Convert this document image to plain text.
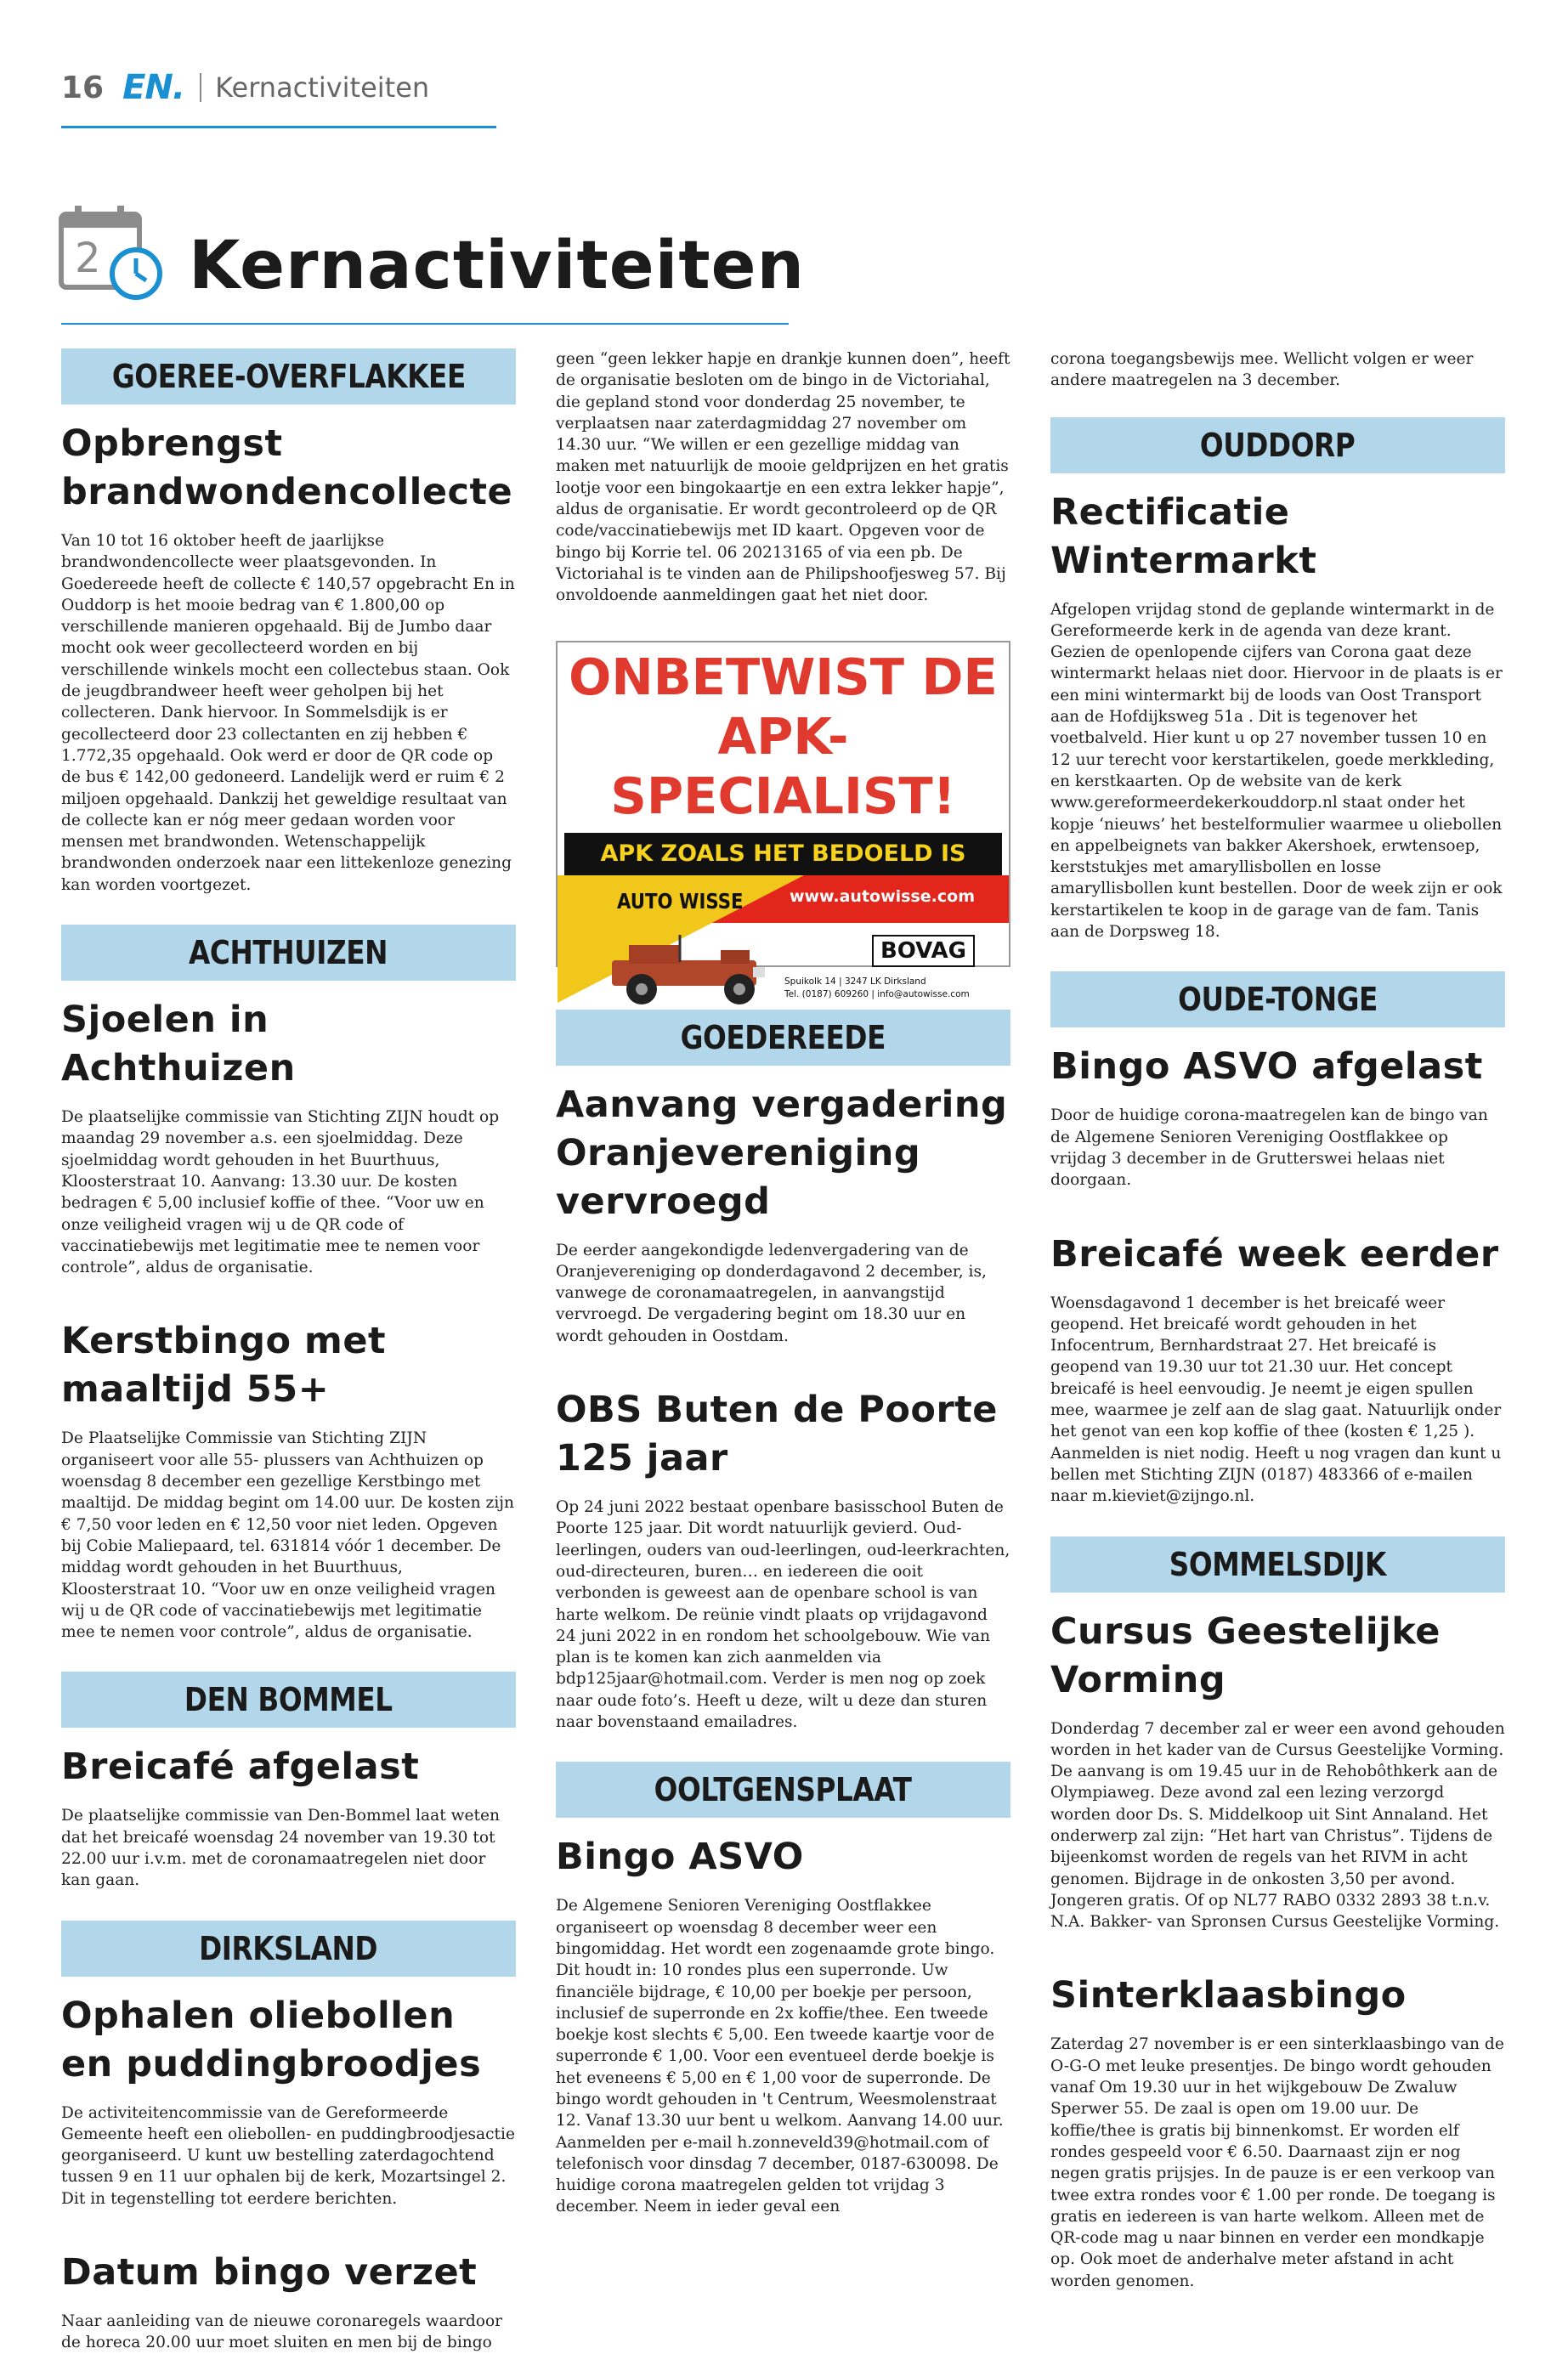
16 EN. Kernactiviteiten
2 Kernactiviteiten
GOEREE-OVERFLAKKEE
Opbrengst brandwondencollecte

Van 10 tot 16 oktober heeft de jaarlijkse brandwondencollecte weer plaatsgevonden. In Goedereede heeft de collecte € 140,57 opgebracht En in Ouddorp is het mooie bedrag van € 1.800,00 op verschillende manieren opgehaald. Bij de Jumbo daar mocht ook weer gecollecteerd worden en bij verschillende winkels mocht een collectebus staan. Ook de jeugdbrandweer heeft weer geholpen bij het collecteren. Dank hiervoor. In Sommelsdijk is er gecollecteerd door 23 collectanten en zij hebben € 1.772,35 opgehaald. Ook werd er door de QR code op de bus € 142,00 gedoneerd. Landelijk werd er ruim € 2 miljoen opgehaald. Dankzij het geweldige resultaat van de collecte kan er nóg meer gedaan worden voor mensen met brandwonden. Wetenschappelijk brandwonden onderzoek naar een littekenloze genezing kan worden voortgezet.

ACHTHUIZEN
Sjoelen in Achthuizen

De plaatselijke commissie van Stichting ZIJN houdt op maandag 29 november a.s. een sjoelmiddag. Deze sjoelmiddag wordt gehouden in het Buurthuus, Kloosterstraat 10. Aanvang: 13.30 uur. De kosten bedragen € 5,00 inclusief koffie of thee. “Voor uw en onze veiligheid vragen wij u de QR code of vaccinatiebewijs met legitimatie mee te nemen voor controle”, aldus de organisatie.

Kerstbingo met maaltijd 55+

De Plaatselijke Commissie van Stichting ZIJN organiseert voor alle 55- plussers van Achthuizen op woensdag 8 december een gezellige Kerstbingo met maaltijd. De middag begint om 14.00 uur. De kosten zijn € 7,50 voor leden en € 12,50 voor niet leden. Opgeven bij Cobie Maliepaard, tel. 631814 vóór 1 december. De middag wordt gehouden in het Buurthuus, Kloosterstraat 10. “Voor uw en onze veiligheid vragen wij u de QR code of vaccinatiebewijs met legitimatie mee te nemen voor controle”, aldus de organisatie.

DEN BOMMEL
Breicafé afgelast

De plaatselijke commissie van Den-Bommel laat weten dat het breicafé woensdag 24 november van 19.30 tot 22.00 uur i.v.m. met de coronamaatregelen niet door kan gaan.

DIRKSLAND
Ophalen oliebollen en puddingbroodjes

De activiteitencommissie van de Gereformeerde Gemeente heeft een oliebollen- en puddingbroodjesactie georganiseerd. U kunt uw bestelling zaterdagochtend tussen 9 en 11 uur ophalen bij de kerk, Mozartsingel 2. Dit in tegenstelling tot eerdere berichten.

Datum bingo verzet

Naar aanleiding van de nieuwe coronaregels waardoor de horeca 20.00 uur moet sluiten en men bij de bingo

geen “geen lekker hapje en drankje kunnen doen”, heeft de organisatie besloten om de bingo in de Victoriahal, die gepland stond voor donderdag 25 november, te verplaatsen naar zaterdagmiddag 27 november om 14.30 uur. “We willen er een gezellige middag van maken met natuurlijk de mooie geldprijzen en het gratis lootje voor een bingokaartje en een extra lekker hapje”, aldus de organisatie. Er wordt gecontroleerd op de QR code/vaccinatiebewijs met ID kaart. Opgeven voor de bingo bij Korrie tel. 06 20213165 of via een pb. De Victoriahal is te vinden aan de Philipshoofjesweg 57. Bij onvoldoende aanmeldingen gaat het niet door.

ONBETWIST DE
APK-SPECIALIST!
APK ZOALS HET BEDOELD IS
AUTO WISSE	www.autowisse.com
BOVAG
Spuikolk 14 | 3247 LK Dirksland
Tel. (0187) 609260 | info@autowisse.com
GOEDEREEDE
Aanvang vergadering Oranjevereniging vervroegd

De eerder aangekondigde ledenvergadering van de Oranjevereniging op donderdagavond 2 december, is, vanwege de coronamaatregelen, in aanvangstijd vervroegd. De vergadering begint om 18.30 uur en wordt gehouden in Oostdam.

OBS Buten de Poorte 125 jaar

Op 24 juni 2022 bestaat openbare basisschool Buten de Poorte 125 jaar. Dit wordt natuurlijk gevierd. Oud-leerlingen, ouders van oud-leerlingen, oud-leerkrachten, oud-directeuren, buren… en iedereen die ooit verbonden is geweest aan de openbare school is van harte welkom. De reünie vindt plaats op vrijdagavond 24 juni 2022 in en rondom het schoolgebouw. Wie van plan is te komen kan zich aanmelden via bdp125jaar@hotmail.com. Verder is men nog op zoek naar oude foto’s. Heeft u deze, wilt u deze dan sturen naar bovenstaand emailadres.

OOLTGENSPLAAT
Bingo ASVO

De Algemene Senioren Vereniging Oostflakkee organiseert op woensdag 8 december weer een bingomiddag. Het wordt een zogenaamde grote bingo. Dit houdt in: 10 rondes plus een superronde. Uw financiële bijdrage, € 10,00 per boekje per persoon, inclusief de superronde en 2x koffie/thee. Een tweede boekje kost slechts € 5,00. Een tweede kaartje voor de superronde € 1,00. Voor een eventueel derde boekje is het eveneens € 5,00 en € 1,00 voor de superronde. De bingo wordt gehouden in 't Centrum, Weesmolenstraat 12. Vanaf 13.30 uur bent u welkom. Aanvang 14.00 uur. Aanmelden per e-mail h.zonneveld39@hotmail.com of telefonisch voor dinsdag 7 december, 0187-630098. De huidige corona maatregelen gelden tot vrijdag 3 december. Neem in ieder geval een

corona toegangsbewijs mee. Wellicht volgen er weer andere maatregelen na 3 december.

OUDDORP
Rectificatie Wintermarkt

Afgelopen vrijdag stond de geplande wintermarkt in de Gereformeerde kerk in de agenda van deze krant. Gezien de openlopende cijfers van Corona gaat deze wintermarkt helaas niet door. Hiervoor in de plaats is er een mini wintermarkt bij de loods van Oost Transport aan de Hofdijksweg 51a . Dit is tegenover het voetbalveld. Hier kunt u op 27 november tussen 10 en 12 uur terecht voor kerstartikelen, goede merkkleding, en kerstkaarten. Op de website van de kerk www.gereformeerdekerkouddorp.nl staat onder het kopje ‘nieuws’ het bestelformulier waarmee u oliebollen en appelbeignets van bakker Akershoek, erwtensoep, kerststukjes met amaryllisbollen en losse amaryllisbollen kunt bestellen. Door de week zijn er ook kerstartikelen te koop in de garage van de fam. Tanis aan de Dorpsweg 18.

OUDE-TONGE
Bingo ASVO afgelast

Door de huidige corona-maatregelen kan de bingo van de Algemene Senioren Vereniging Oostflakkee op vrijdag 3 december in de Grutterswei helaas niet doorgaan.

Breicafé week eerder

Woensdagavond 1 december is het breicafé weer geopend. Het breicafé wordt gehouden in het Infocentrum, Bernhardstraat 27. Het breicafé is geopend van 19.30 uur tot 21.30 uur. Het concept breicafé is heel eenvoudig. Je neemt je eigen spullen mee, waarmee je zelf aan de slag gaat. Natuurlijk onder het genot van een kop koffie of thee (kosten € 1,25 ). Aanmelden is niet nodig. Heeft u nog vragen dan kunt u bellen met Stichting ZIJN (0187) 483366 of e-mailen naar m.kieviet@zijngo.nl.

SOMMELSDIJK
Cursus Geestelijke Vorming

Donderdag 7 december zal er weer een avond gehouden worden in het kader van de Cursus Geestelijke Vorming. De aanvang is om 19.45 uur in de Rehobôthkerk aan de Olympiaweg. Deze avond zal een lezing verzorgd worden door Ds. S. Middelkoop uit Sint Annaland. Het onderwerp zal zijn: “Het hart van Christus”. Tijdens de bijeenkomst worden de regels van het RIVM in acht genomen. Bijdrage in de onkosten 3,50 per avond. Jongeren gratis. Of op NL77 RABO 0332 2893 38 t.n.v. N.A. Bakker- van Spronsen Cursus Geestelijke Vorming.

Sinterklaasbingo

Zaterdag 27 november is er een sinterklaasbingo van de O-G-O met leuke presentjes. De bingo wordt gehouden vanaf Om 19.30 uur in het wijkgebouw De Zwaluw Sperwer 55. De zaal is open om 19.00 uur. De koffie/thee is gratis bij binnenkomst. Er worden elf rondes gespeeld voor € 6.50. Daarnaast zijn er nog negen gratis prijsjes. In de pauze is er een verkoop van twee extra rondes voor € 1.00 per ronde. De toegang is gratis en iedereen is van harte welkom. Alleen met de QR-code mag u naar binnen en verder een mondkapje op. Ook moet de anderhalve meter afstand in acht worden genomen.
